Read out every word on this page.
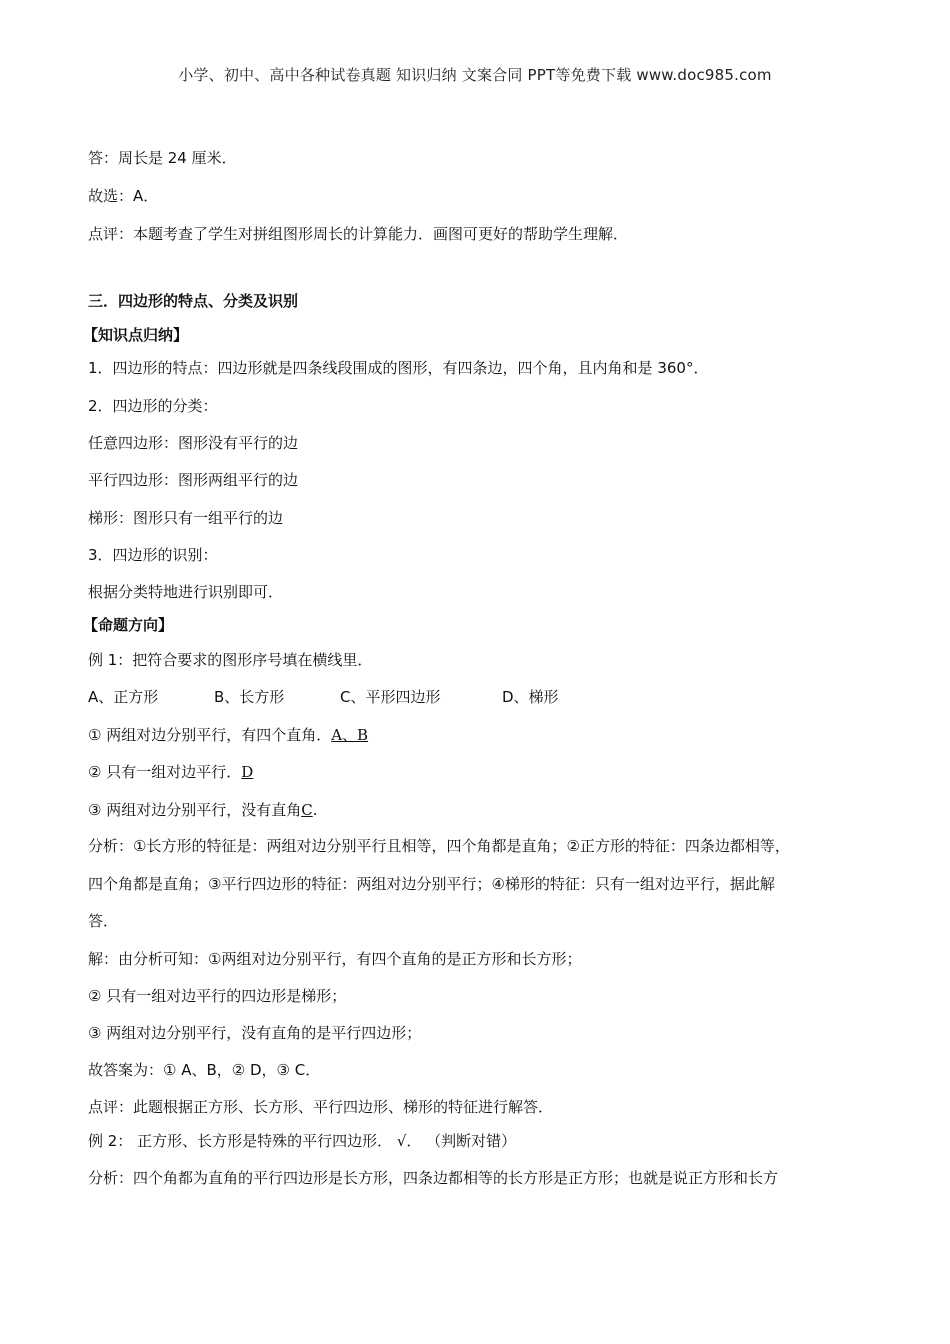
小学、初中、高中各种试卷真题 知识归纳 文案合同 PPT等免费下载 www.doc985.com
答：周长是 24 厘米．
故选：A．
点评：本题考查了学生对拼组图形周长的计算能力．画图可更好的帮助学生理解．
三．四边形的特点、分类及识别
【知识点归纳】
1．四边形的特点：四边形就是四条线段围成的图形，有四条边，四个角，且内角和是 360°．
2．四边形的分类：
任意四边形：图形没有平行的边
平行四边形：图形两组平行的边
梯形：图形只有一组平行的边
3．四边形的识别：
根据分类特地进行识别即可．
【命题方向】
例 1：把符合要求的图形序号填在横线里．
A、正方形	B、长方形	C、平形四边形	D、梯形
① 两组对边分别平行，有四个直角．A、B
② 只有一组对边平行．D
③ 两组对边分别平行，没有直角C.
分析：①长方形的特征是：两组对边分别平行且相等，四个角都是直角；②正方形的特征：四条边都相等，
四个角都是直角；③平行四边形的特征：两组对边分别平行；④梯形的特征：只有一组对边平行，据此解
答．
解：由分析可知：①两组对边分别平行，有四个直角的是正方形和长方形；
② 只有一组对边平行的四边形是梯形；
③ 两组对边分别平行，没有直角的是平行四边形；
故答案为：① A、B，② D，③ C．
点评：此题根据正方形、长方形、平行四边形、梯形的特征进行解答．
例 2： 正方形、长方形是特殊的平行四边形． √． （判断对错）
分析：四个角都为直角的平行四边形是长方形，四条边都相等的长方形是正方形；也就是说正方形和长方
